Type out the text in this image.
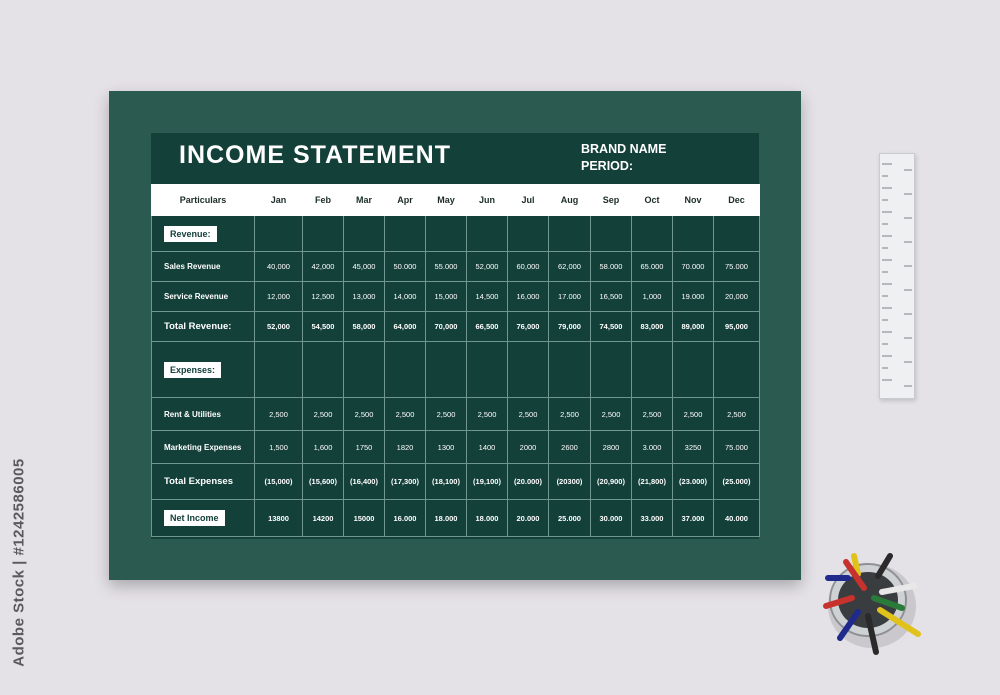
Adobe Stock | #1242586005
INCOME STATEMENT	BRAND NAME
PERIOD:
Particulars	Jan	Feb	Mar	Apr	May	Jun	Jul	Aug	Sep	Oct	Nov	Dec
Revenue:												
Sales Revenue	40,000	42,000	45,000	50.000	55.000	52,000	60,000	62,000	58.000	65.000	70.000	75.000
Service Revenue	12,000	12,500	13,000	14,000	15,000	14,500	16,000	17.000	16,500	1,000	19.000	20,000
Total Revenue:	52,000	54,500	58,000	64,000	70,000	66,500	76,000	79,000	74,500	83,000	89,000	95,000
Expenses:												
Rent & Utilities	2,500	2,500	2,500	2,500	2,500	2,500	2,500	2,500	2,500	2,500	2,500	2,500
Marketing Expenses	1,500	1,600	1750	1820	1300	1400	2000	2600	2800	3.000	3250	75.000
Total Expenses	(15,000)	(15,600)	(16,400)	(17,300)	(18,100)	(19,100)	(20.000)	(20300)	(20,900)	(21,800)	(23.000)	(25.000)
Net Income	13800	14200	15000	16.000	18.000	18.000	20.000	25.000	30.000	33.000	37.000	40.000
